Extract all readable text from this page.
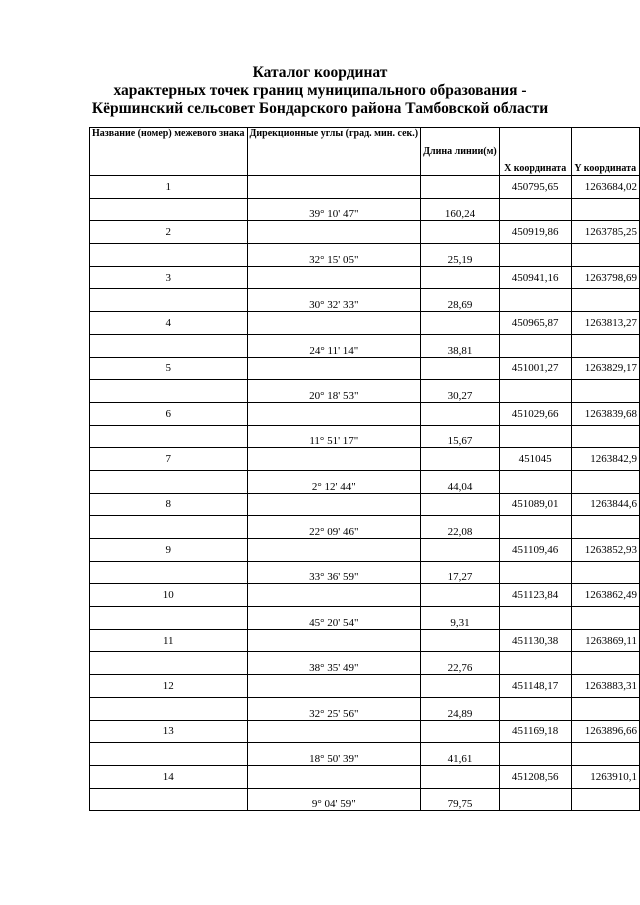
Каталог координат
характерных точек границ муниципального образования -
Кёршинский сельсовет Бондарского района Тамбовской области
Название (номер) межевого знака	Дирекционные углы (град. мин. сек.)	Длина линии(м)	X координата	Y координата
1			450795,65	1263684,02
	39° 10' 47"	160,24		
2			450919,86	1263785,25
	32° 15' 05"	25,19		
3			450941,16	1263798,69
	30° 32' 33"	28,69		
4			450965,87	1263813,27
	24° 11' 14"	38,81		
5			451001,27	1263829,17
	20° 18' 53"	30,27		
6			451029,66	1263839,68
	11° 51' 17"	15,67		
7			451045	1263842,9
	2° 12' 44"	44,04		
8			451089,01	1263844,6
	22° 09' 46"	22,08		
9			451109,46	1263852,93
	33° 36' 59"	17,27		
10			451123,84	1263862,49
	45° 20' 54"	9,31		
11			451130,38	1263869,11
	38° 35' 49"	22,76		
12			451148,17	1263883,31
	32° 25' 56"	24,89		
13			451169,18	1263896,66
	18° 50' 39"	41,61		
14			451208,56	1263910,1
	9° 04' 59"	79,75		
